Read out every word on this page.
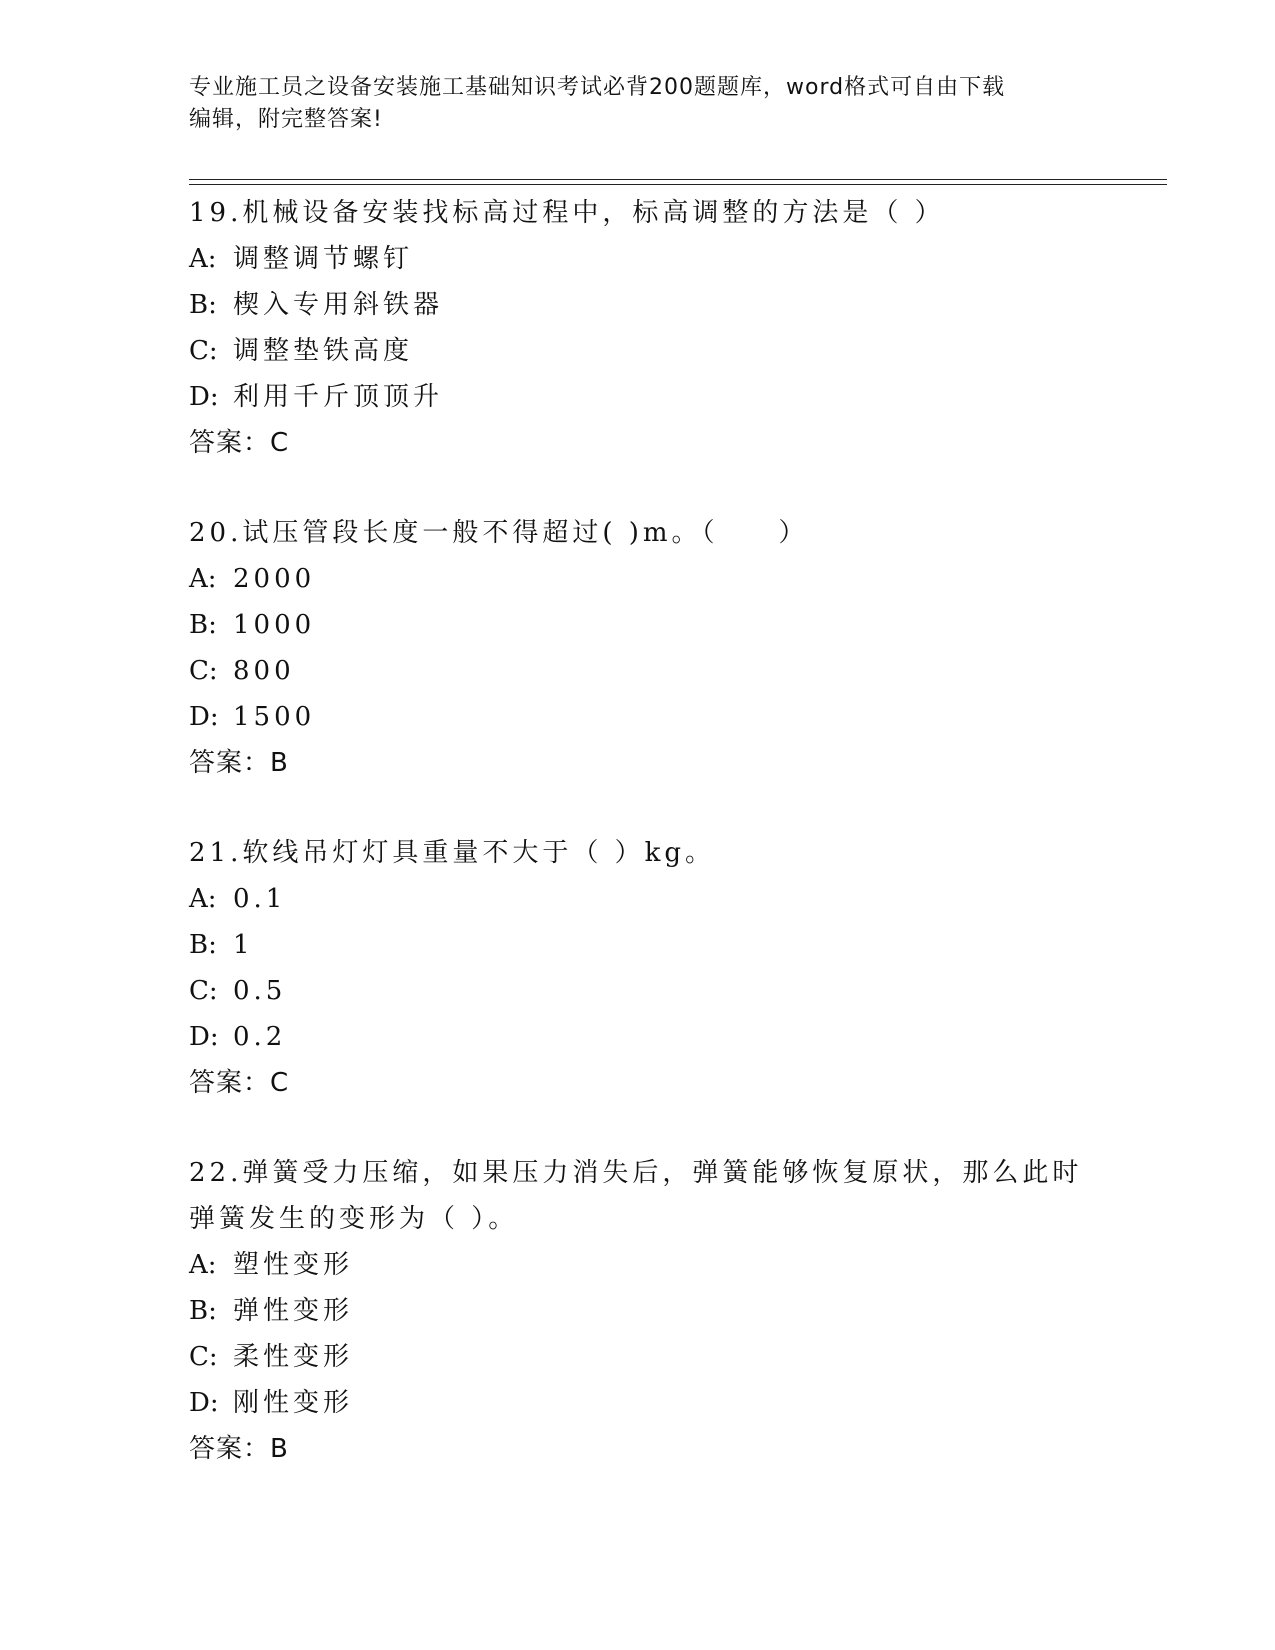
专业施工员之设备安装施工基础知识考试必背200题题库，word格式可自由下载
编辑，附完整答案!
19.机械设备安装找标高过程中，标高调整的方法是（ ）
A: 调整调节螺钉
B: 楔入专用斜铁器
C: 调整垫铁高度
D: 利用千斤顶顶升
答案：C
20.试压管段长度一般不得超过( )m。（　　）
A: 2000
B: 1000
C: 800
D: 1500
答案：B
21.软线吊灯灯具重量不大于（ ）kg。
A: 0.1
B: 1
C: 0.5
D: 0.2
答案：C
22.弹簧受力压缩，如果压力消失后，弹簧能够恢复原状，那么此时弹簧发生的变形为（ ）。
A: 塑性变形
B: 弹性变形
C: 柔性变形
D: 刚性变形
答案：B
